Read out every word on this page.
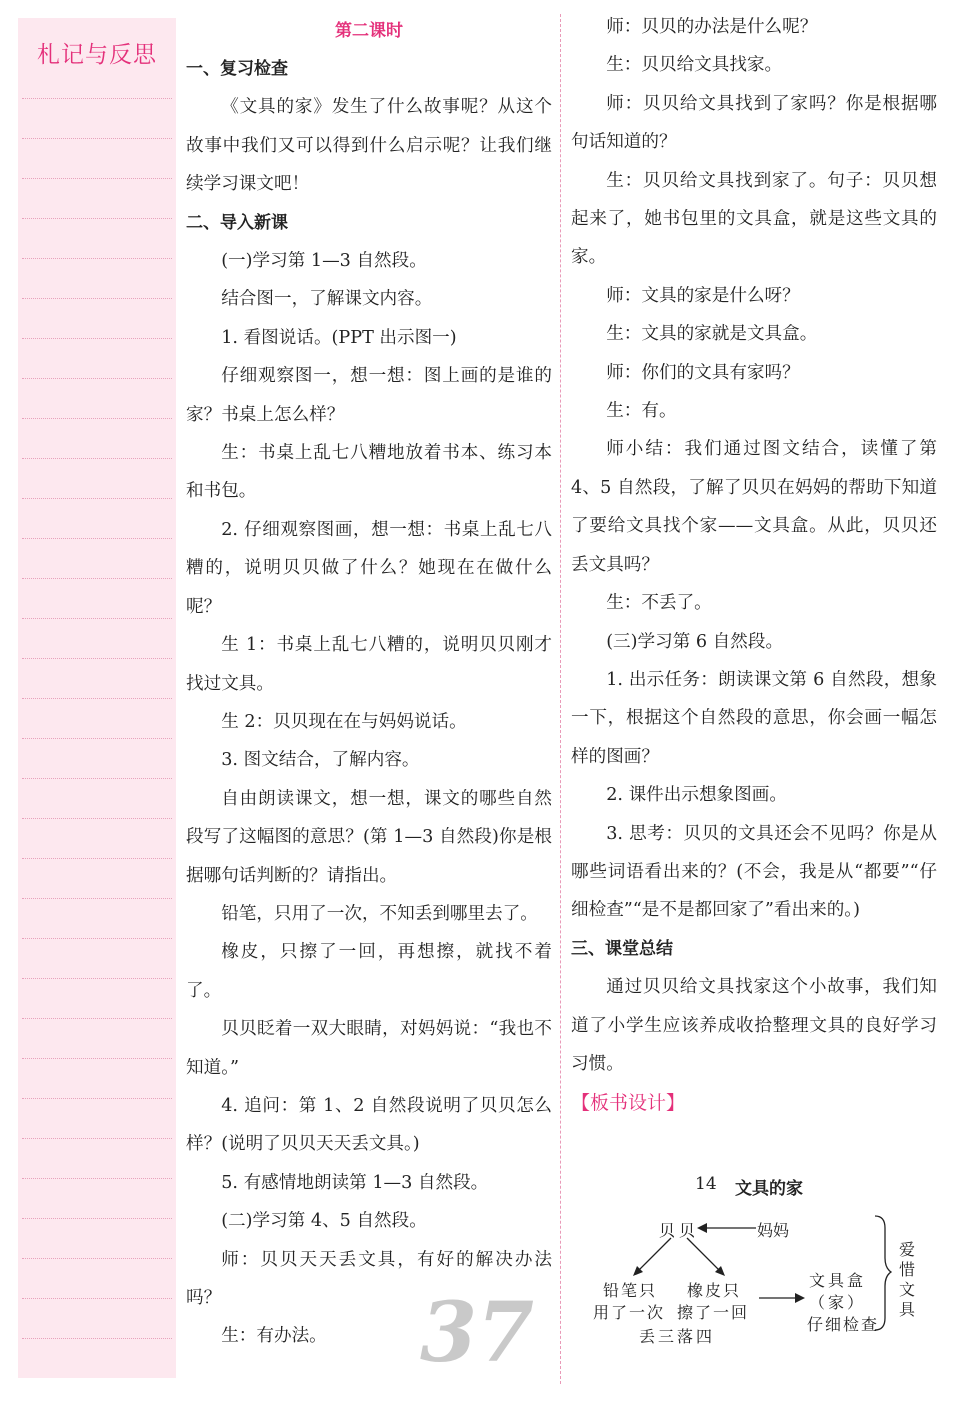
札记与反思

第二课时

一、复习检查

《文具的家》发生了什么故事呢？从这个故事中我们又可以得到什么启示呢？让我们继续学习课文吧！

二、导入新课

(一)学习第 1—3 自然段。

结合图一，了解课文内容。

1. 看图说话。(PPT 出示图一)

仔细观察图一，想一想：图上画的是谁的家？书桌上怎么样？

生：书桌上乱七八糟地放着书本、练习本和书包。

2. 仔细观察图画，想一想：书桌上乱七八糟的，说明贝贝做了什么？她现在在做什么呢？

生 1：书桌上乱七八糟的，说明贝贝刚才找过文具。

生 2：贝贝现在在与妈妈说话。

3. 图文结合，了解内容。

自由朗读课文，想一想，课文的哪些自然段写了这幅图的意思？(第 1—3 自然段)你是根据哪句话判断的？请指出。

铅笔，只用了一次，不知丢到哪里去了。

橡皮，只擦了一回，再想擦，就找不着了。

贝贝眨着一双大眼睛，对妈妈说：“我也不知道。”

4. 追问：第 1、2 自然段说明了贝贝怎么样？(说明了贝贝天天丢文具。)

5. 有感情地朗读第 1—3 自然段。

(二)学习第 4、5 自然段。

师：贝贝天天丢文具，有好的解决办法吗？

生：有办法。

师：贝贝的办法是什么呢？

生：贝贝给文具找家。

师：贝贝给文具找到了家吗？你是根据哪句话知道的？

生：贝贝给文具找到家了。句子：贝贝想起来了，她书包里的文具盒，就是这些文具的家。

师：文具的家是什么呀？

生：文具的家就是文具盒。

师：你们的文具有家吗？

生：有。

师小结：我们通过图文结合，读懂了第 4、5 自然段，了解了贝贝在妈妈的帮助下知道了要给文具找个家——文具盒。从此，贝贝还丢文具吗？

生：不丢了。

(三)学习第 6 自然段。

1. 出示任务：朗读课文第 6 自然段，想象一下，根据这个自然段的意思，你会画一幅怎样的图画？

2. 课件出示想象图画。

3. 思考：贝贝的文具还会不见吗？你是从哪些词语看出来的？(不会，我是从“都要”“仔细检查”“是不是都回家了”看出来的。)

三、课堂总结

通过贝贝给文具找家这个小故事，我们知道了小学生应该养成收拾整理文具的良好学习习惯。

【板书设计】

14 文具的家
贝贝	妈妈
铅笔只 橡皮只
用了一次 擦了一回
丢三落四
文具盒
（家）
仔细检查
爱惜文具
37
